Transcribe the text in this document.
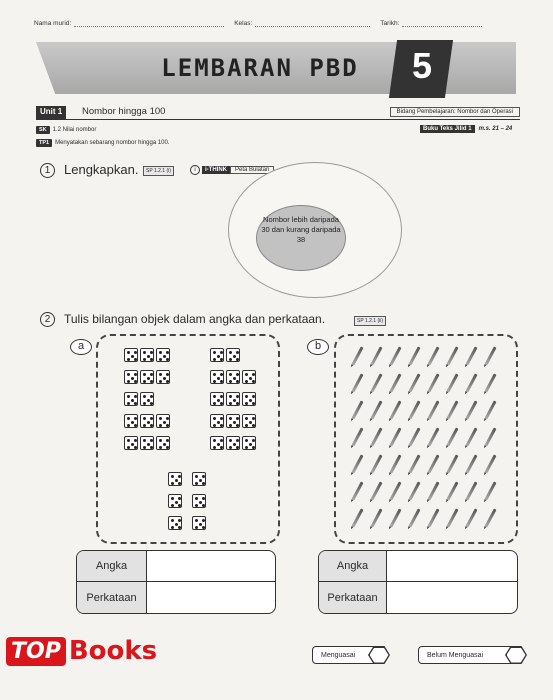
Nama murid:	Kelas:	Tarikh:
LEMBARAN PBD	5
Unit 1	Nombor hingga 100	Bidang Pembelajaran: Nombor dan Operasi
SK	1.2 Nilai nombor
TP1	Menyatakan sebarang nombor hingga 100.
Buku Teks Jilid 1	m.s. 21 – 24
1	Lengkapkan.	SP 1.2.1 (i)	i	i-THINK	Peta Bulatan
Nombor lebih daripada 30 dan kurang daripada 38
2	Tulis bilangan objek dalam angka dan perkataan.	SP 1.2.1 (ii)
a	b
Angka
Perkataan
Angka
Perkataan
Menguasai	Belum Menguasai
TOP Books
